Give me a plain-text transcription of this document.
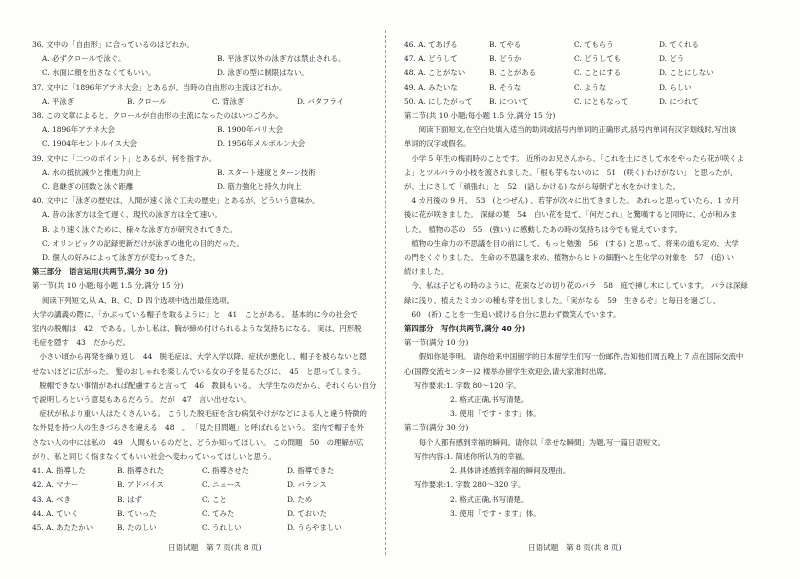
36. 文中の「自由形」に合っているのはどれか。
A. 必ずクロールで泳ぐ。	B. 平泳ぎ以外の泳ぎ方は禁止される。
C. 水面に顔を出さなくてもいい。	D. 泳ぎの型に制限はない。
37. 文中に「1896年アテネ大会」とあるが、当時の自由形の主流はどれか。
A. 平泳ぎ	B. クロール	C. 背泳ぎ	D. バタフライ
38. この文章によると、クロールが自由形の主流になったのはいつごろか。
A. 1896年アテネ大会	B. 1900年パリ大会
C. 1904年セントルイス大会	D. 1956年メルボルン大会
39. 文中に「二つのポイント」とあるが、何を指すか。
A. 水の抵抗減少と推進力向上	B. スタート速度とターン技術
C. 息継ぎの回数と泳ぐ距離	D. 筋力強化と持久力向上
40. 文中に「泳ぎの歴史は、人間が速く泳ぐ工夫の歴史」とあるが、どういう意味か。
A. 昔の泳ぎ方は全て遅く、現代の泳ぎ方は全て速い。
B. より速く泳ぐために、様々な泳ぎ方が研究されてきた。
C. オリンピックの記録更新だけが泳ぎの進化の目的だった。
D. 個人の好みによって泳ぎ方が変わってきた。
第三部分　语言运用(共两节,满分 30 分)
第一节(共 10 小题;每小题 1.5 分,满分 15 分)
阅读下列短文,从 A、B、C、D 四个选项中选出最佳选项。
大学の講義の際に、「かぶっている帽子を取るように」と　41　ことがある。 基本的に今の社会で
室内の脱帽は　42　である。しかし私は、胸が締め付けられるような気持ちになる。 実は、円形脱
毛症を隠す　43　だからだ。
　小さい頃から再発を繰り返し　44　脱毛症は、大学入学以降、症状が悪化し、帽子を被らないと隠
せないほどに広がった。 髪のおしゃれを楽しんでいる女の子を見るたびに、　45　と思ってしまう。
　脱帽できない事情があれば配慮すると言って　46　教員もいる。 大学生なのだから、それくらい自分
で説明しろという意見もあるだろう。 だが　47　言い出せない。
　症状が私より重い人はたくさんいる。 こうした脱毛症を含む病気やけがなどによる人と違う特徴的
な外見を持つ人の生きづらさを違える　48　。 「見た目問題」と呼ばれるという。 室内で帽子を外
さない人の中には私の　49　人間もいるのだと、どうか知ってほしい。 この問題　50　の理解が広
がり、私と同じく悩まなくてもいい社会へ変わっていってほしいと思う。
41. A. 指導した	B. 指導された	C. 指導させた	D. 指導できた
42. A. マナー	B. アドバイス	C. ニュース	D. バランス
43. A. べき	B. はず	C. こと	D. ため
44. A. ていく	B. ていった	C. てみた	D. ておいた
45. A. あたたかい	B. たのしい	C. うれしい	D. うらやましい
46. A. てあげる	B. てやる	C. てもらう	D. てくれる
47. A. どうして	B. どうか	C. どうしても	D. どう
48. A. ことがない	B. ことがある	C. ことにする	D. ことにしない
49. A. みたいな	B. そうな	C. ような	D. らしい
50. A. にしたがって	B. について	C. にともなって	D. につれて
第二节(共 10 小题;每小题 1.5 分,满分 15 分)
　　阅读下面短文,在空白处填入适当的助词或括号内单词的正确形式,括号内单词有汉字划线时,写出该
单词的汉字或假名。
　小学 5 年生の梅雨時のことです。 近所のお兄さんから、「これを土にさして水をやったら花が咲くよ
よ」とツルバラの小枝を渡されました。「根も芽もないのに　51　(咲く) わけがない」 と思ったが、
が、土にさして「頑張れ」と　52　(話しかける) ながら毎朝ずと水をかけました。
　4 カ月後の 9 月、　53　(とつぜん) 、若芽が次々に出てきました。 あれっと思っていたら、1 カ月
後に花が咲きました。 深緑の葉　54　白い花を見て、「何だこれ」と驚嘆すると同時に、心が和みま
した。 植物の芯の　55　(強い) に感動したあの時の気持ちは今でも覚えています。
　植物の生命力の不思議を目の前にして、もっと勉強　56　(する) と思って、将来の道も定め、大学
の門をくぐりました。 生命の不思議を求め、植物からヒトの細胞へと生化学の対象を　57　(追) い
続けました。
　今、私は子どもの時のように、花束などの切り花のバラ　58　庭で挿し木にしています。 バラは深緑
緑に浅り、植えたミカンの種も芽を出しました。「実がなる　59　生きるぞ」と毎日を過ごし、
　60　(祈) ことを一生追い続ける自分に思わず微笑んでいます。
第四部分　写作(共两节,满分 40 分)
第一节(满分 10 分)
　　假如你是李明。 请你给来中国留学的日本留学生们写一份邮件,告知他们周五晚上 7 点在国际交流中
心(国際交流センター)2 楼举办留学生欢迎会,请大家准时出席。
写作要求:1. 字数 80～120 字。
2. 格式正确,书写清楚。
3. 使用「です・ます」体。
第二节(满分 30 分)
　　每个人都有感到幸福的瞬间。请你以「幸せな瞬間」为题,写一篇日语短文。
写作内容:1. 简述你所认为的幸福。
2. 具体讲述感到幸福的瞬间及理由。
写作要求:1. 字数 280～320 字。
2. 格式正确,书写清楚。
3. 使用「です・ます」体。
日语试题　第 7 页(共 8 页)	日语试题　第 8 页(共 8 页)
